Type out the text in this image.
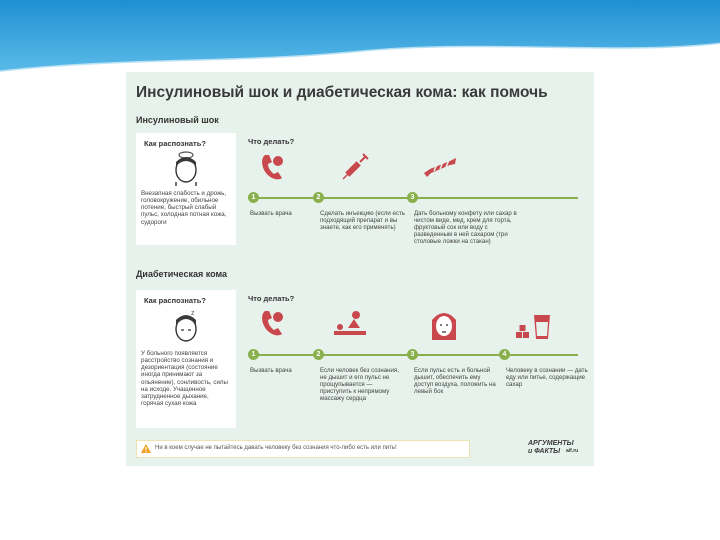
Инсулиновый шок и диабетическая кома: как помочь
Инсулиновый шок
Как распознать?
Внезапная слабость и дрожь, головокружение, обильное потение, быстрый слабый пульс, холодная потная кожа, судороги
Что делать?
1	2	3
Вызвать врача	Сделать инъекцию (если есть подходящий препарат и вы знаете, как его применять)
Дать больному конфету или сахар в чистом виде, мед, крем для торта, фруктовый сок или воду с разведенным в ней сахаром (три столовые ложки на стакан)
Диабетическая кома
Как распознать?
z
У больного появляется расстройство сознания и дезориентация (состояние иногда принимают за опьянение), сонливость, силы на исходе. Учащенное затрудненное дыхание, горячая сухая кожа
Что делать?
1	2	3	4
Вызвать врача	Если человек без сознания, не дышит и его пульс не прощупывается — приступить к непрямому массажу сердца
Если пульс есть и больной дышит, обеспечить ему доступ воздуха, положить на левый бок
Человеку в сознании — дать еду или питье, содержащие сахар
Ни в коем случае не пытайтесь давать человеку без сознания что-либо есть или пить!
АРГУМЕНТЫ
и ФАКТЫ aif.ru
